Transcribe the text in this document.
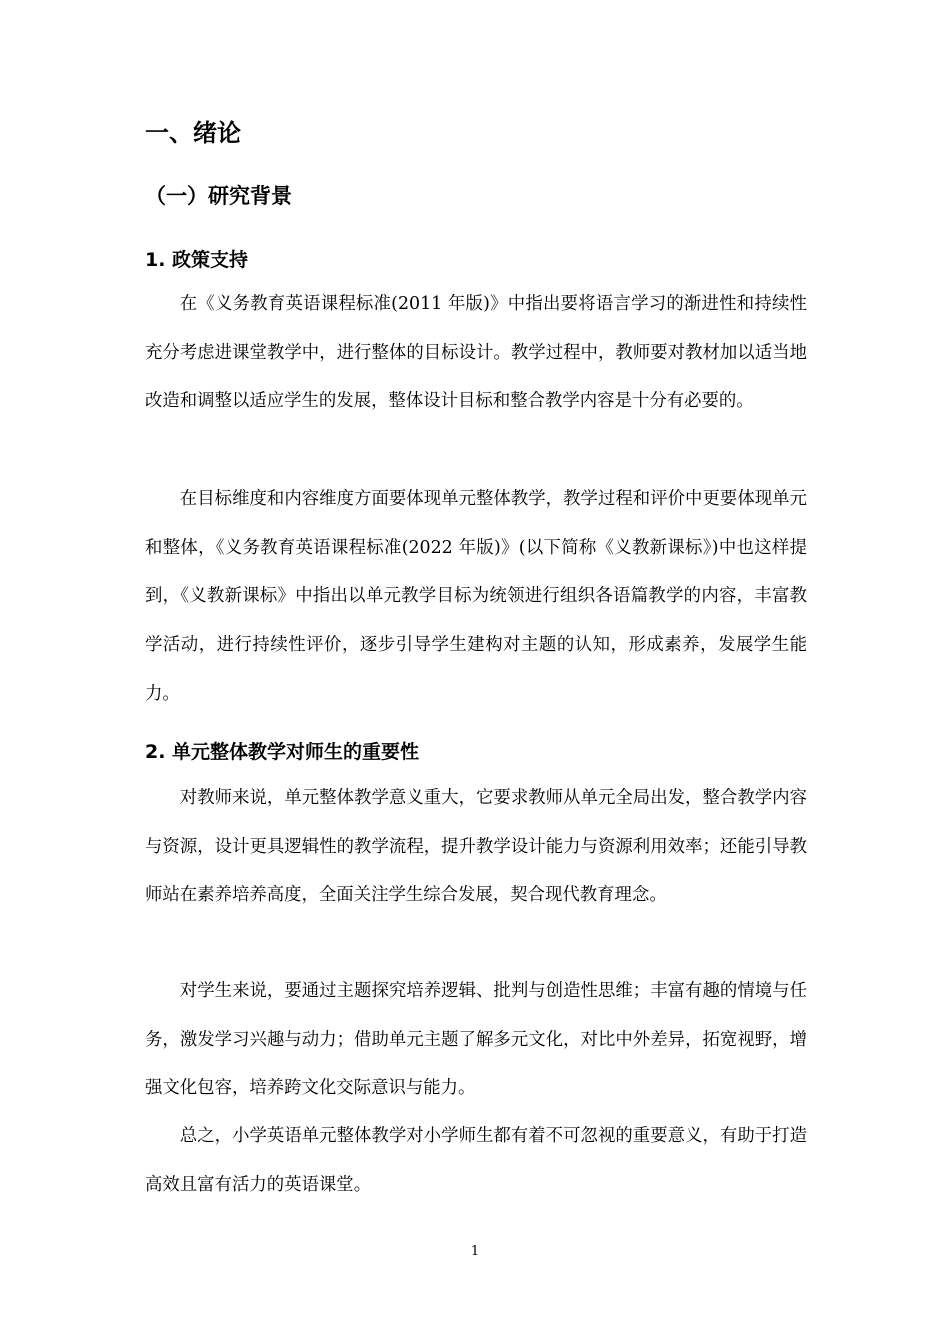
一、绪论
（一）研究背景
1. 政策支持

在《义务教育英语课程标准(2011 年版)》中指出要将语言学习的渐进性和持续性充分考虑进课堂教学中，进行整体的目标设计。教学过程中，教师要对教材加以适当地改造和调整以适应学生的发展，整体设计目标和整合教学内容是十分有必要的。

在目标维度和内容维度方面要体现单元整体教学，教学过程和评价中更要体现单元和整体，《义务教育英语课程标准(2022 年版)》(以下简称《义教新课标》)中也这样提到，《义教新课标》中指出以单元教学目标为统领进行组织各语篇教学的内容，丰富教学活动，进行持续性评价，逐步引导学生建构对主题的认知，形成素养，发展学生能力。

2. 单元整体教学对师生的重要性

对教师来说，单元整体教学意义重大，它要求教师从单元全局出发，整合教学内容与资源，设计更具逻辑性的教学流程，提升教学设计能力与资源利用效率；还能引导教师站在素养培养高度，全面关注学生综合发展，契合现代教育理念。

对学生来说，要通过主题探究培养逻辑、批判与创造性思维；丰富有趣的情境与任务，激发学习兴趣与动力；借助单元主题了解多元文化，对比中外差异，拓宽视野，增强文化包容，培养跨文化交际意识与能力。

总之，小学英语单元整体教学对小学师生都有着不可忽视的重要意义，有助于打造高效且富有活力的英语课堂。

1
